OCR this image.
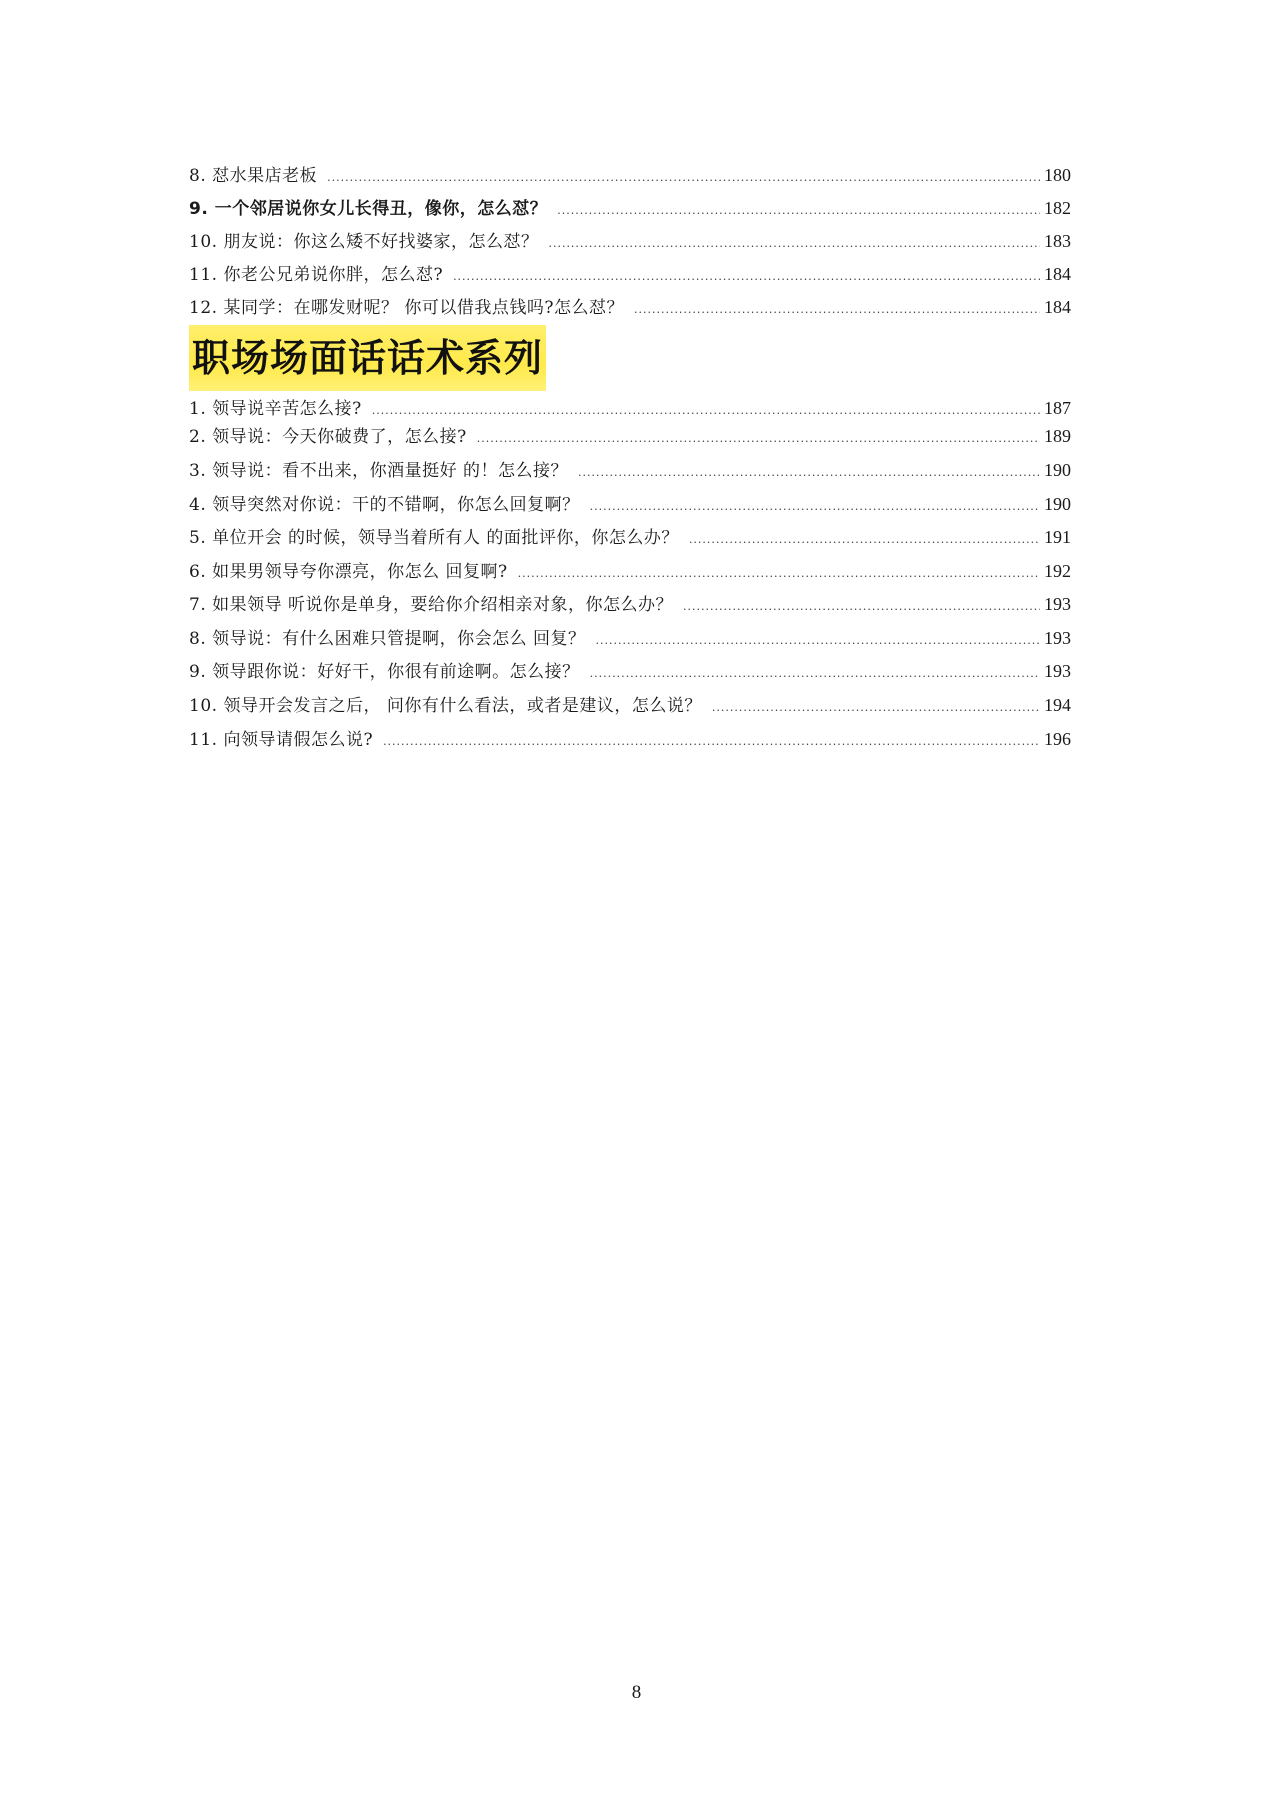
8. 怼水果店老板 .....	180
9. 一个邻居说你女儿长得丑，像你，怎么怼？ .....	182
10. 朋友说：你这么矮不好找婆家，怎么怼？ .....	183
11. 你老公兄弟说你胖，怎么怼? .....	184
12. 某同学：在哪发财呢？ 你可以借我点钱吗?怎么怼？ .....	184
职场场面话话术系列
1. 领导说辛苦怎么接? .....	187
2. 领导说：今天你破费了，怎么接? .....	189
3. 领导说：看不出来，你酒量挺好 的！怎么接？ .....	190
4. 领导突然对你说：干的不错啊，你怎么回复啊？ .....	190
5. 单位开会 的时候，领导当着所有人 的面批评你，你怎么办？ .....	191
6. 如果男领导夸你漂亮，你怎么 回复啊? .....	192
7. 如果领导 听说你是单身，要给你介绍相亲对象，你怎么办？ .....	193
8. 领导说：有什么困难只管提啊，你会怎么 回复？ .....	193
9. 领导跟你说：好好干，你很有前途啊。怎么接？ .....	193
10. 领导开会发言之后， 问你有什么看法，或者是建议，怎么说？ .....	194
11. 向领导请假怎么说? .....	196
8
